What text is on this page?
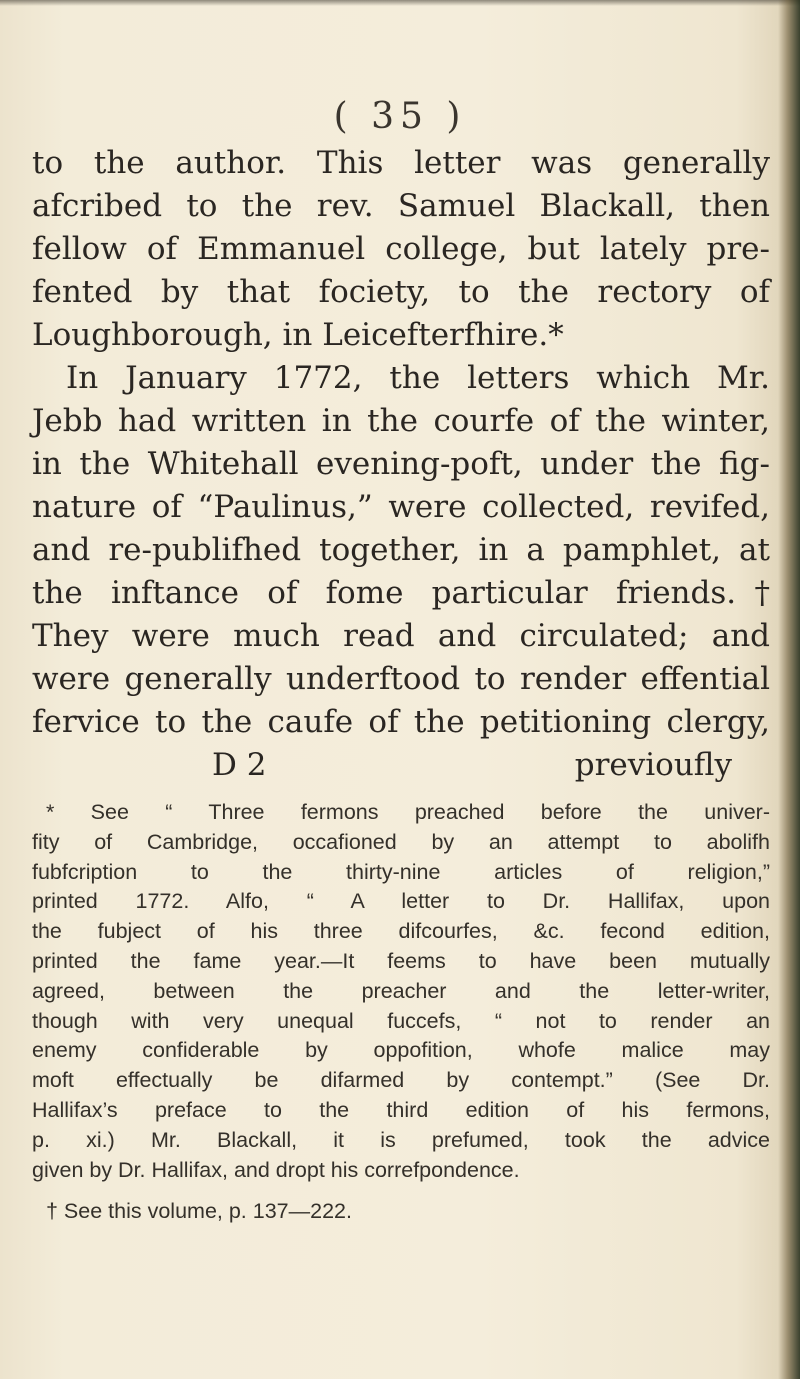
( 35 )
to the author. This letter was generally
afcribed to the rev. Samuel Blackall, then
fellow of Emmanuel college, but lately pre-
fented by that fociety, to the rectory of
Loughborough, in Leicefterfhire.*
In January 1772, the letters which Mr.
Jebb had written in the courfe of the winter,
in the Whitehall evening-poft, under the fig-
nature of “Paulinus,” were collected, revifed,
and re-publifhed together, in a pamphlet, at
the inftance of fome particular friends.†
They were much read and circulated; and
were generally underftood to render effential
fervice to the caufe of the petitioning clergy,
D 2	previoufly
* See “ Three fermons preached before the univer-
fity of Cambridge, occafioned by an attempt to abolifh
fubfcription to the thirty-nine articles of religion,”
printed 1772. Alfo, “ A letter to Dr. Hallifax, upon
the fubject of his three difcourfes, &c. fecond edition,
printed the fame year.—It feems to have been mutually
agreed, between the preacher and the letter-writer,
though with very unequal fuccefs, “ not to render an
enemy confiderable by oppofition, whofe malice may
moft effectually be difarmed by contempt.” (See Dr.
Hallifax’s preface to the third edition of his fermons,
p. xi.) Mr. Blackall, it is prefumed, took the advice
given by Dr. Hallifax, and dropt his correfpondence.
† See this volume, p. 137—222.
